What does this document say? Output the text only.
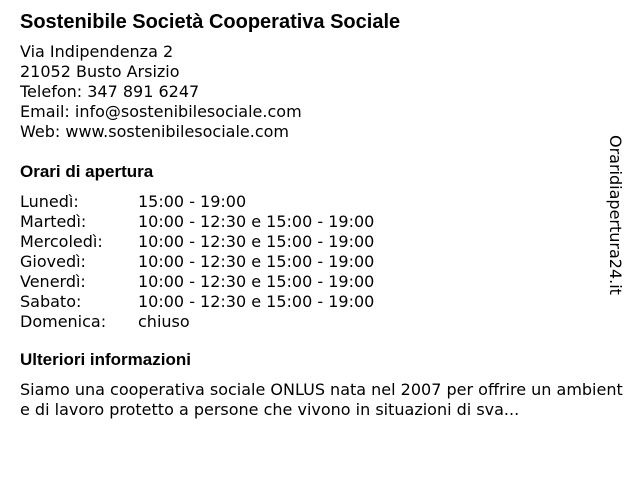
Sostenibile Società Cooperativa Sociale
Via Indipendenza 2
21052 Busto Arsizio
Telefon: 347 891 6247
Email: info@sostenibilesociale.com
Web: www.sostenibilesociale.com
Orari di apertura
Lunedì:	15:00 - 19:00
Martedì:	10:00 - 12:30 e 15:00 - 19:00
Mercoledì:	10:00 - 12:30 e 15:00 - 19:00
Giovedì:	10:00 - 12:30 e 15:00 - 19:00
Venerdì:	10:00 - 12:30 e 15:00 - 19:00
Sabato:	10:00 - 12:30 e 15:00 - 19:00
Domenica:	chiuso
Ulteriori informazioni
Siamo una cooperativa sociale ONLUS nata nel 2007 per offrire un ambiente di lavoro protetto a persone che vivono in situazioni di sva...
Oraridiapertura24.it
